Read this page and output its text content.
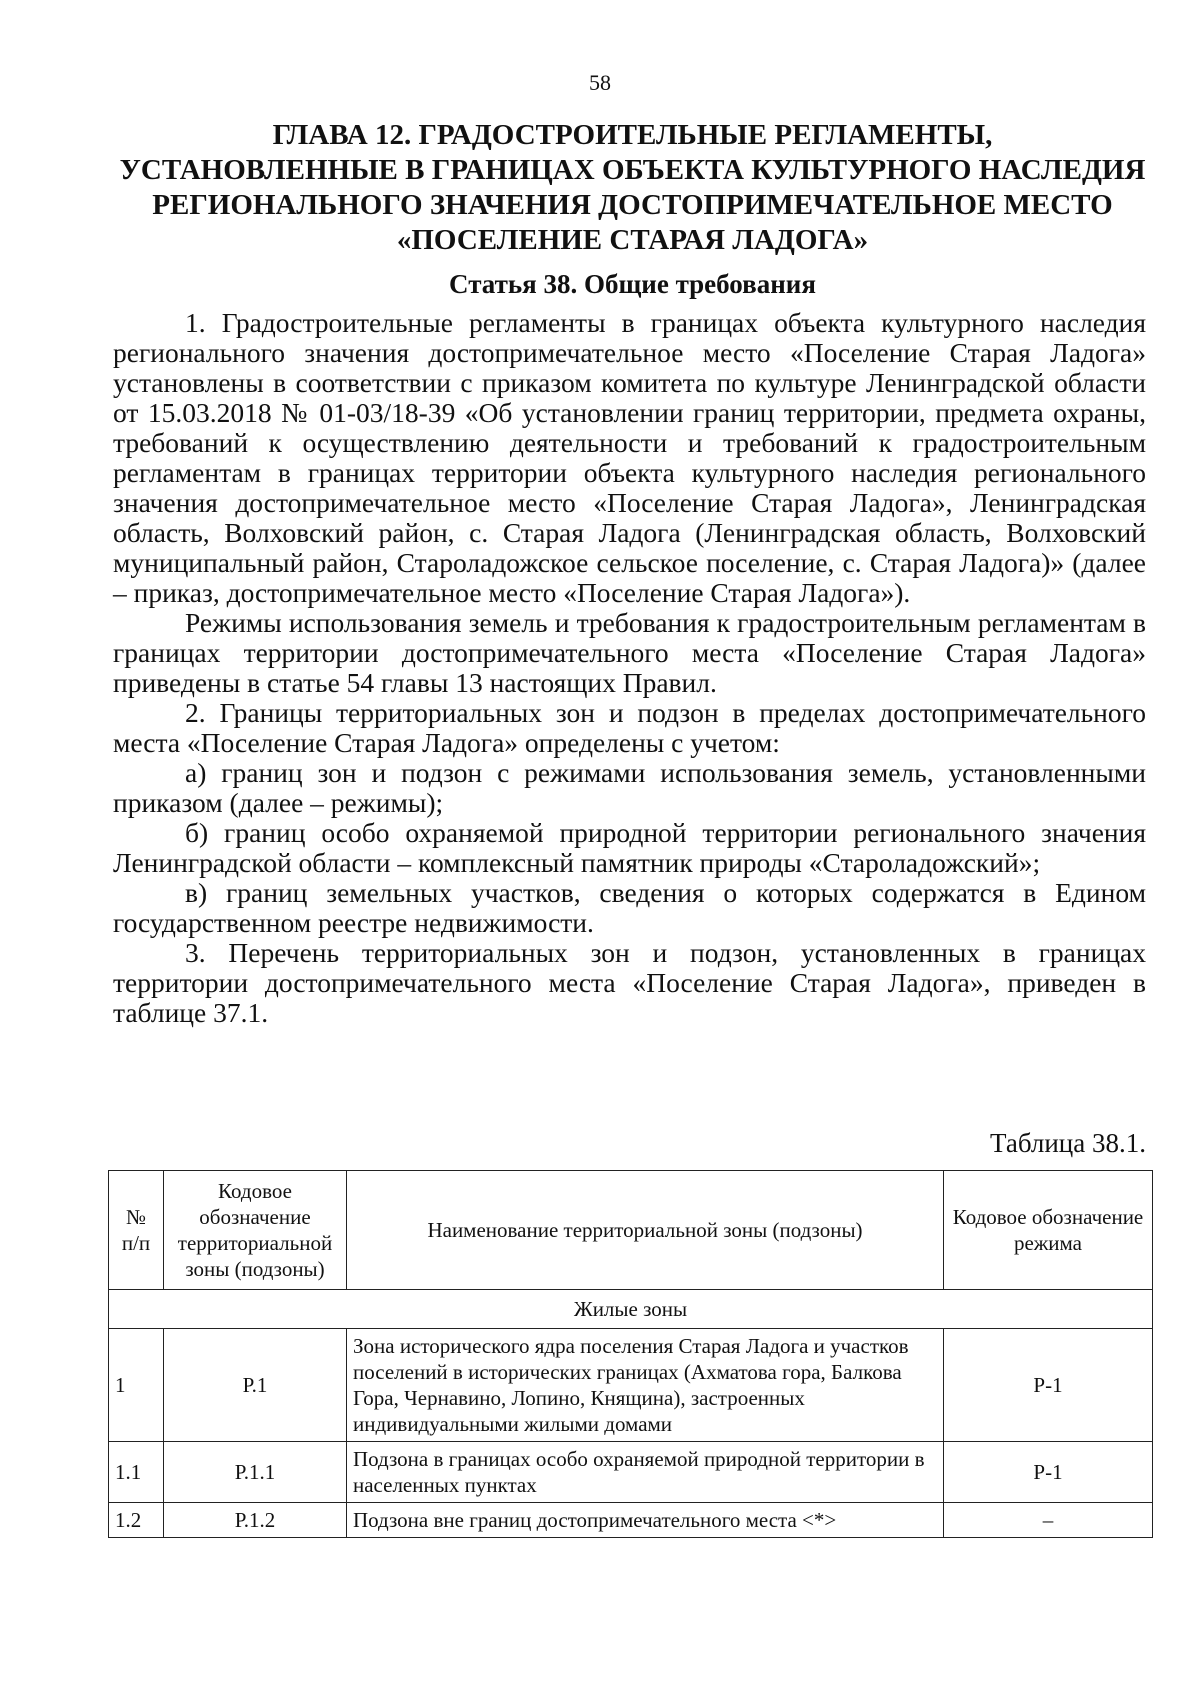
58
ГЛАВА 12. ГРАДОСТРОИТЕЛЬНЫЕ РЕГЛАМЕНТЫ,
УСТАНОВЛЕННЫЕ В ГРАНИЦАХ ОБЪЕКТА КУЛЬТУРНОГО НАСЛЕДИЯ
РЕГИОНАЛЬНОГО ЗНАЧЕНИЯ ДОСТОПРИМЕЧАТЕЛЬНОЕ МЕСТО
«ПОСЕЛЕНИЕ СТАРАЯ ЛАДОГА»
Статья 38. Общие требования

1. Градостроительные регламенты в границах объекта культурного наследия регионального значения достопримечательное место «Поселение Старая Ладога» установлены в соответствии с приказом комитета по культуре Ленинградской области от 15.03.2018 № 01-03/18-39 «Об установлении границ территории, предмета охраны, требований к осуществлению деятельности и требований к градостроительным регламентам в границах территории объекта культурного наследия регионального значения достопримечательное место «Поселение Старая Ладога», Ленинградская область, Волховский район, с. Старая Ладога (Ленинградская область, Волховский муниципальный район, Староладожское сельское поселение, с. Старая Ладога)» (далее – приказ, достопримечательное место «Поселение Старая Ладога»).

Режимы использования земель и требования к градостроительным регламентам в границах территории достопримечательного места «Поселение Старая Ладога» приведены в статье 54 главы 13 настоящих Правил.

2. Границы территориальных зон и подзон в пределах достопримечательного места «Поселение Старая Ладога» определены с учетом:

а) границ зон и подзон с режимами использования земель, установленными приказом (далее – режимы);

б) границ особо охраняемой природной территории регионального значения Ленинградской области – комплексный памятник природы «Староладожский»;

в) границ земельных участков, сведения о которых содержатся в Едином государственном реестре недвижимости.

3. Перечень территориальных зон и подзон, установленных в границах территории достопримечательного места «Поселение Старая Ладога», приведен в таблице 37.1.

Таблица 38.1.
№ п/п	Кодовое обозначение территориальной зоны (подзоны)	Наименование территориальной зоны (подзоны)	Кодовое обозначение режима
Жилые зоны			
1	Р.1	Зона исторического ядра поселения Старая Ладога и участков поселений в исторических границах (Ахматова гора, Балкова Гора, Чернавино, Лопино, Княщина), застроенных индивидуальными жилыми домами	Р-1
1.1	Р.1.1	Подзона в границах особо охраняемой природной территории в населенных пунктах	Р-1
1.2	Р.1.2	Подзона вне границ достопримечательного места <*>	–
